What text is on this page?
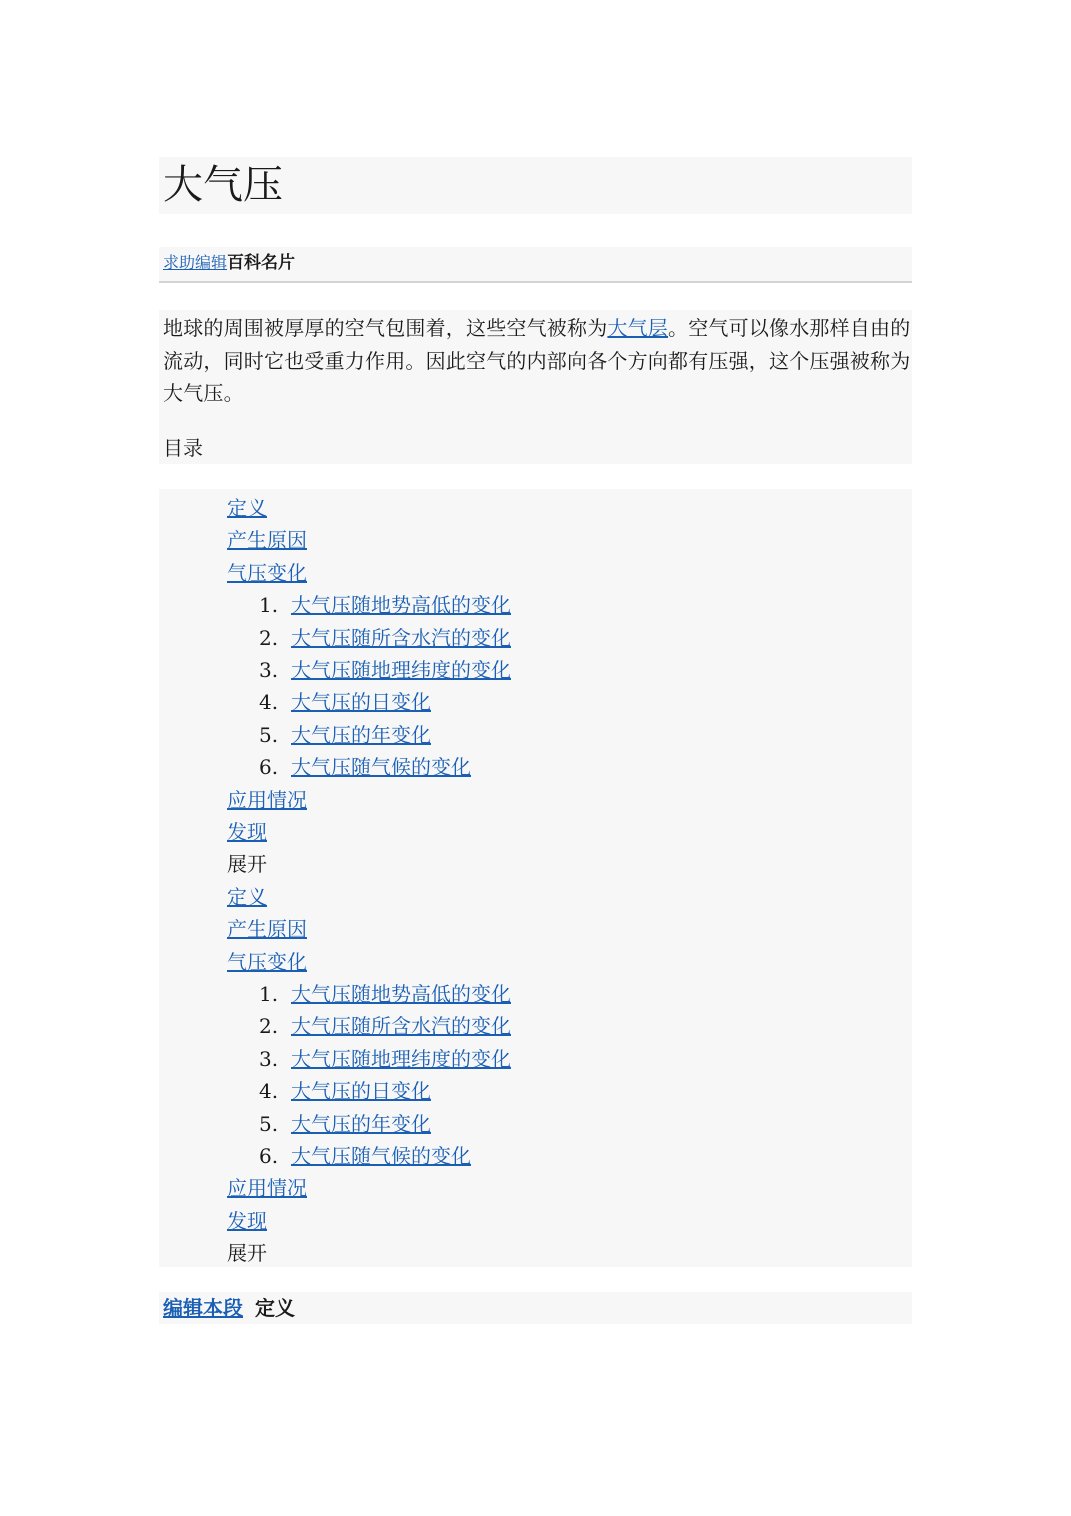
大气压
求助编辑 百科名片

地球的周围被厚厚的空气包围着，这些空气被称为大气层。空气可以像水那样自由的流动，同时它也受重力作用。因此空气的内部向各个方向都有压强，这个压强被称为大气压。

目录

定义
产生原因
气压变化
1. 大气压随地势高低的变化
2. 大气压随所含水汽的变化
3. 大气压随地理纬度的变化
4. 大气压的日变化
5. 大气压的年变化
6. 大气压随气候的变化
应用情况
发现
展开
定义
产生原因
气压变化
1. 大气压随地势高低的变化
2. 大气压随所含水汽的变化
3. 大气压随地理纬度的变化
4. 大气压的日变化
5. 大气压的年变化
6. 大气压随气候的变化
应用情况
发现
展开
编辑本段 定义
